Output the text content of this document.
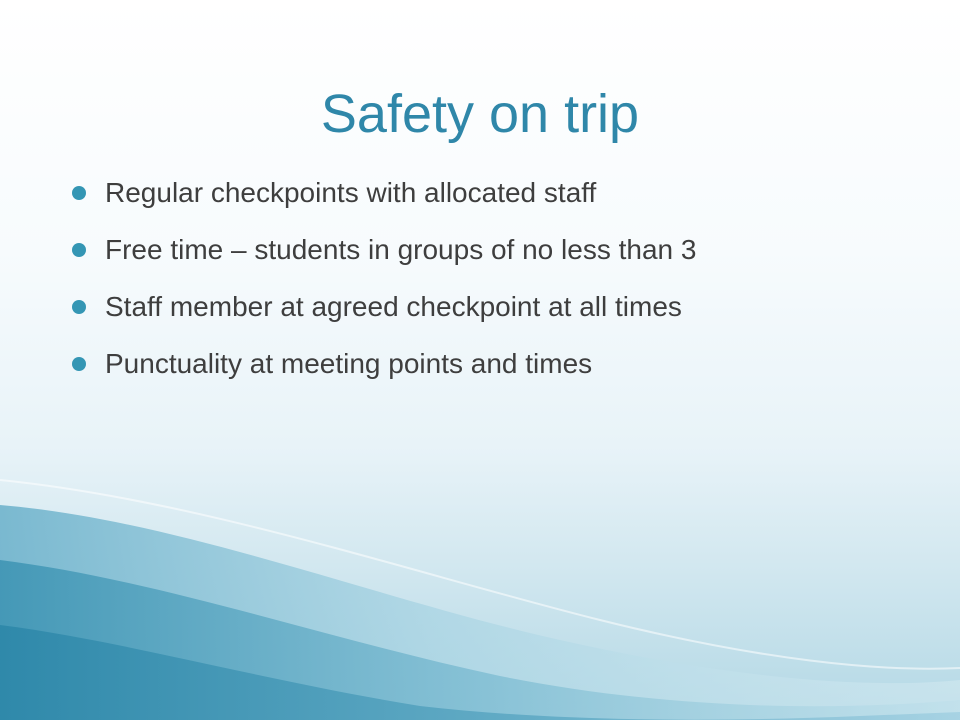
Safety on trip
Regular checkpoints with allocated staff
Free time – students in groups of no less than 3
Staff member at agreed checkpoint at all times
Punctuality at meeting points and times
